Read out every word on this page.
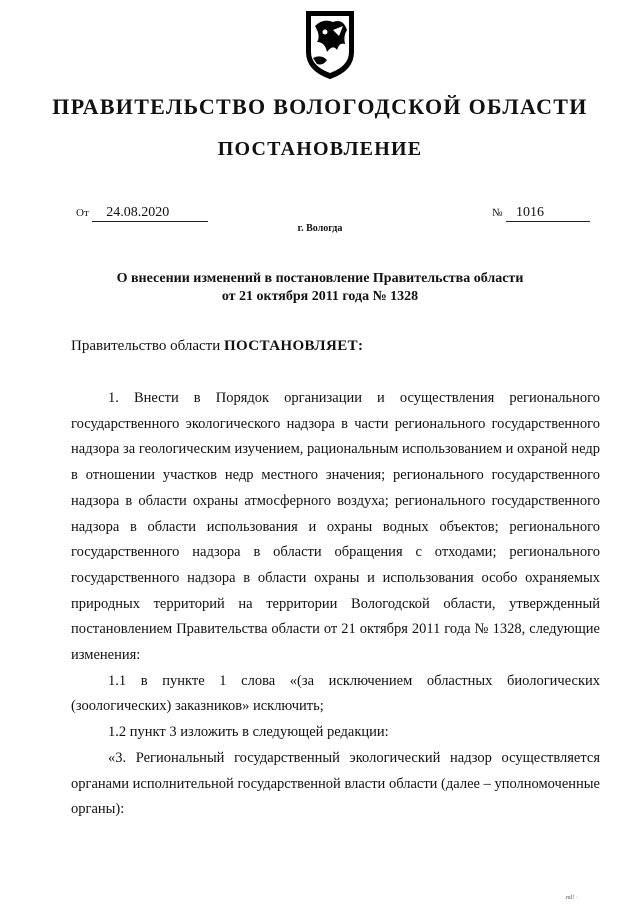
ПРАВИТЕЛЬСТВО ВОЛОГОДСКОЙ ОБЛАСТИ
ПОСТАНОВЛЕНИЕ
От 24.08.2020	№ 1016
г. Вологда
О внесении изменений в постановление Правительства области
от 21 октября 2011 года № 1328
Правительство области ПОСТАНОВЛЯЕТ:

1. Внести в Порядок организации и осуществления регионального государственного экологического надзора в части регионального государственного надзора за геологическим изучением, рациональным использованием и охраной недр в отношении участков недр местного значения; регионального государственного надзора в области охраны атмосферного воздуха; регионального государственного надзора в области использования и охраны водных объектов; регионального государственного надзора в области обращения с отходами; регионального государственного надзора в области охраны и использования особо охраняемых природных территорий на территории Вологодской области, утвержденный постановлением Правительства области от 21 октября 2011 года № 1328, следующие изменения:

1.1 в пункте 1 слова «(за исключением областных биологических (зоологических) заказников» исключить;

1.2 пункт 3 изложить в следующей редакции:

«3. Региональный государственный экологический надзор осуществляется органами исполнительной государственной власти области (далее – уполномоченные органы):

ml! ·
